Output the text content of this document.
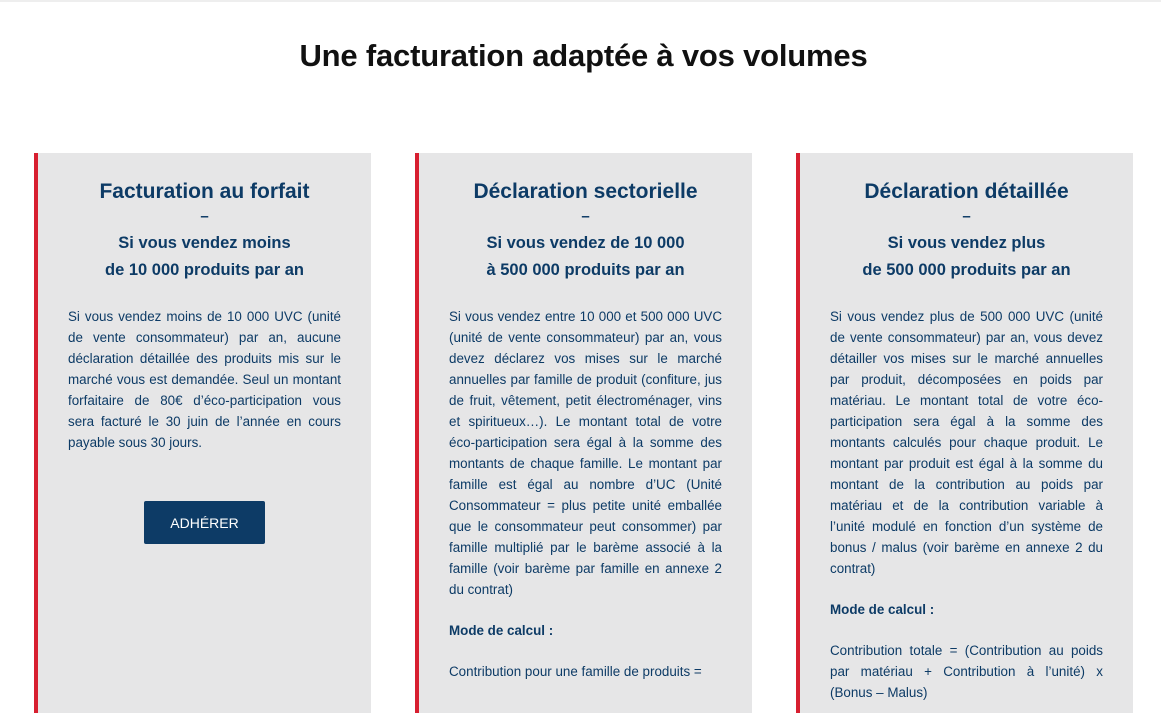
Une facturation adaptée à vos volumes
Facturation au forfait
–
Si vous vendez moins
de 10 000 produits par an

Si vous vendez moins de 10 000 UVC (unité de vente consommateur) par an, aucune déclaration détaillée des produits mis sur le marché vous est demandée. Seul un montant forfaitaire de 80€ d’éco-participation vous sera facturé le 30 juin de l’année en cours payable sous 30 jours.

ADHÉRER
Déclaration sectorielle
–
Si vous vendez de 10 000
à 500 000 produits par an

Si vous vendez entre 10 000 et 500 000 UVC (unité de vente consommateur) par an, vous devez déclarez vos mises sur le marché annuelles par famille de produit (confiture, jus de fruit, vêtement, petit électroménager, vins et spiritueux…). Le montant total de votre éco-participation sera égal à la somme des montants de chaque famille. Le montant par famille est égal au nombre d’UC (Unité Consommateur = plus petite unité emballée que le consommateur peut consommer) par famille multiplié par le barème associé à la famille (voir barème par famille en annexe 2 du contrat)

Mode de calcul :

Contribution pour une famille de produits =

Déclaration détaillée
–
Si vous vendez plus
de 500 000 produits par an

Si vous vendez plus de 500 000 UVC (unité de vente consommateur) par an, vous devez détailler vos mises sur le marché annuelles par produit, décomposées en poids par matériau. Le montant total de votre éco-participation sera égal à la somme des montants calculés pour chaque produit. Le montant par produit est égal à la somme du montant de la contribution au poids par matériau et de la contribution variable à l’unité modulé en fonction d’un système de bonus / malus (voir barème en annexe 2 du contrat)

Mode de calcul :

Contribution totale = (Contribution au poids par matériau + Contribution à l’unité) x (Bonus – Malus)
